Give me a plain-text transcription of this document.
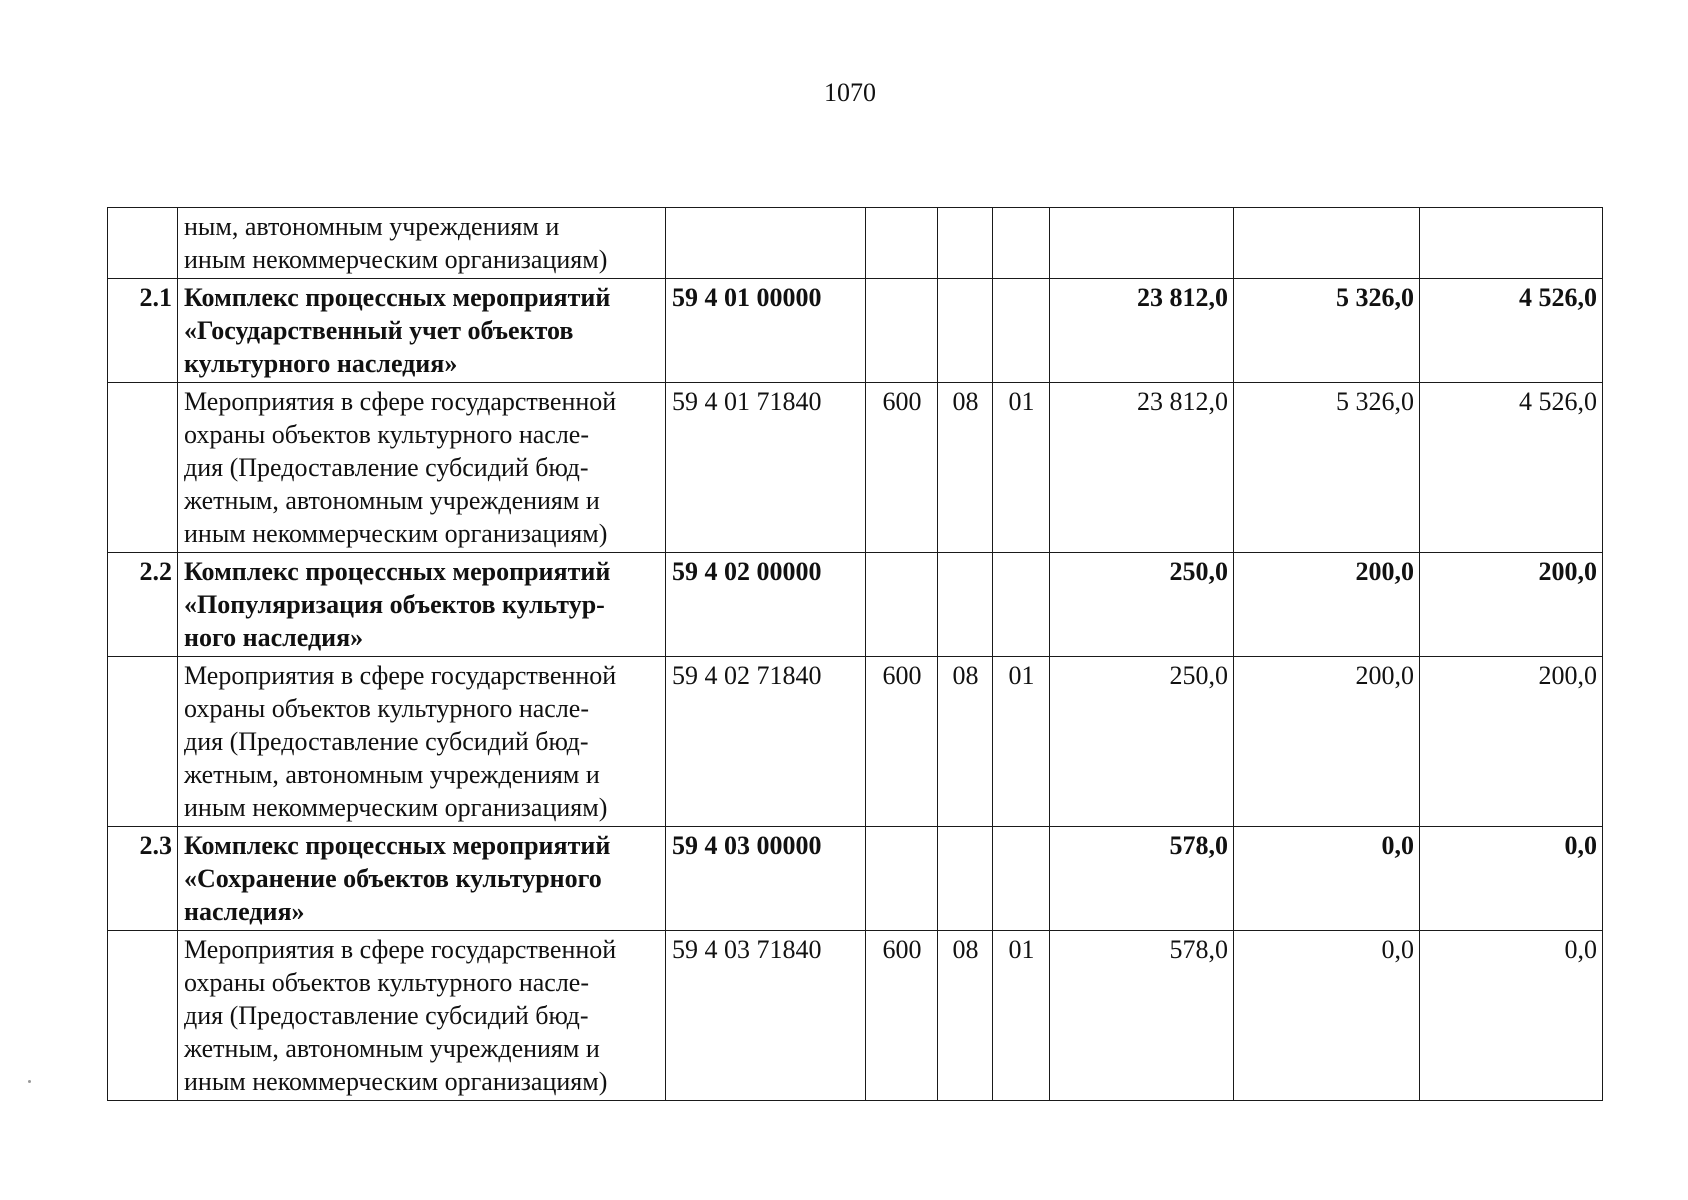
1070

	ным, автономным учреждениям и
иным некоммерческим организациям)							

2.1	Комплекс процессных мероприятий
«Государственный учет объектов
культурного наследия»	59 4 01 00000				23 812,0	5 326,0	4 526,0

	Мероприятия в сфере государственной
охраны объектов культурного насле-
дия (Предоставление субсидий бюд-
жетным, автономным учреждениям и
иным некоммерческим организациям)	59 4 01 71840	600	08	01	23 812,0	5 326,0	4 526,0
2.2	Комплекс процессных мероприятий
«Популяризация объектов культур-
ного наследия»	59 4 02 00000				250,0	200,0	200,0

	Мероприятия в сфере государственной
охраны объектов культурного насле-
дия (Предоставление субсидий бюд-
жетным, автономным учреждениям и
иным некоммерческим организациям)	59 4 02 71840	600	08	01	250,0	200,0	200,0
2.3	Комплекс процессных мероприятий
«Сохранение объектов культурного
наследия»	59 4 03 00000				578,0	0,0	0,0

	Мероприятия в сфере государственной
охраны объектов культурного насле-
дия (Предоставление субсидий бюд-
жетным, автономным учреждениям и
иным некоммерческим организациям)	59 4 03 71840	600	08	01	578,0	0,0	0,0
